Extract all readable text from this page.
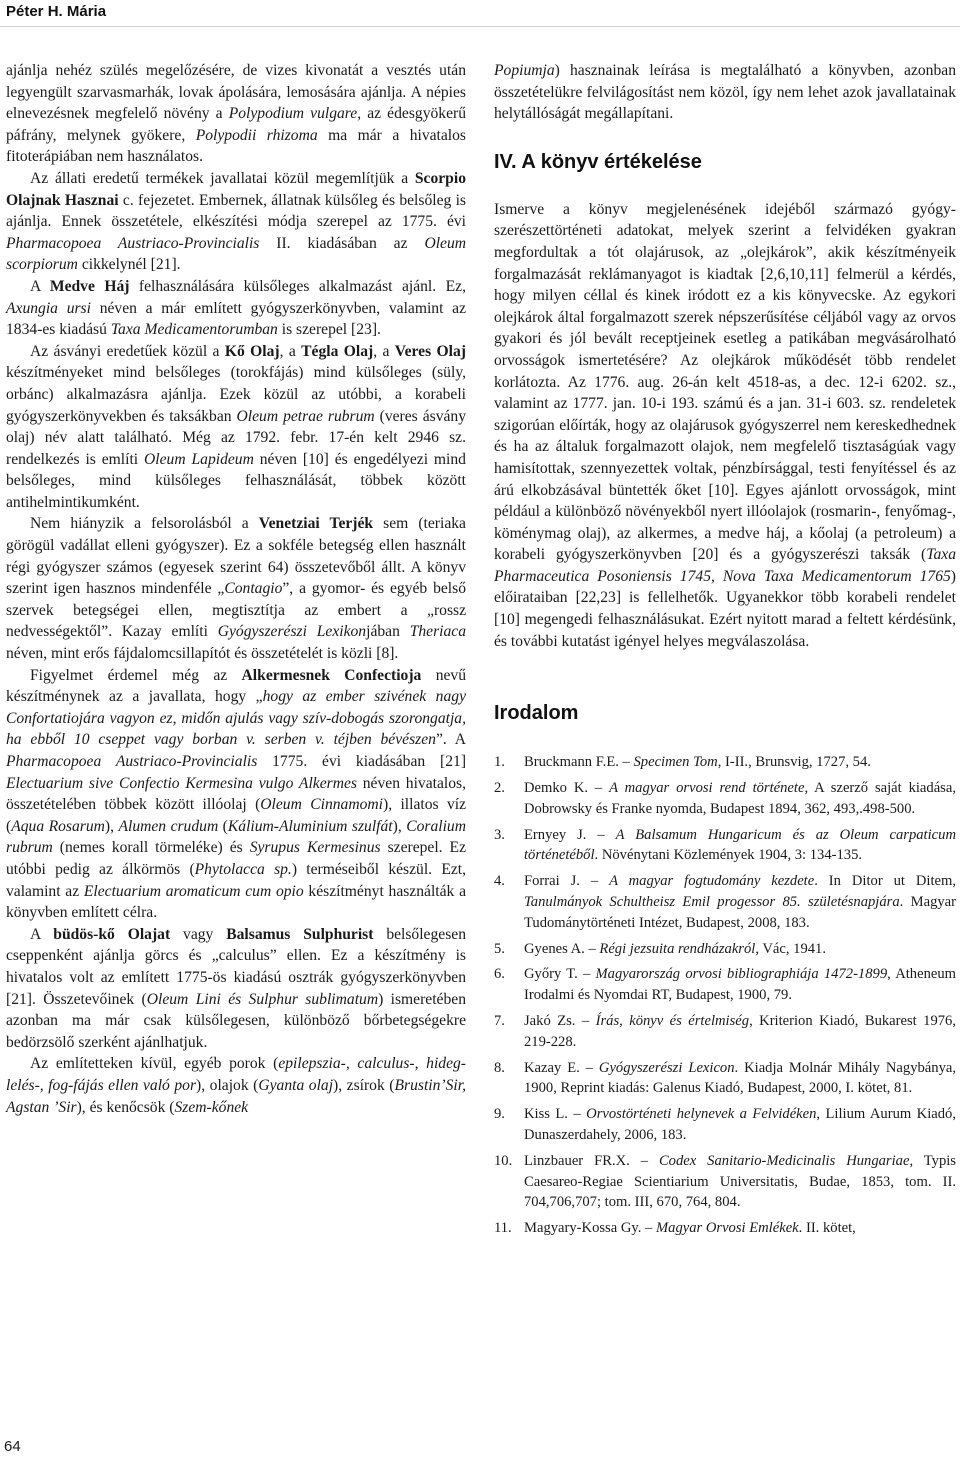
Péter H. Mária

ajánlja nehéz szülés megelőzésére, de vizes kivonatát a vesztés után legyengült szarvasmarhák, lovak ápolására, lemosására ajánlja. A népies elnevezésnek megfelelő növény a Polypodium vulgare, az édesgyökerű páfrány, melynek gyökere, Polypodii rhizoma ma már a hivatalos fitoterápiában nem használatos.

Az állati eredetű termékek javallatai közül megemlítjük a Scorpio Olajnak Hasznai c. fejezetet. Embernek, állatnak külsőleg és belsőleg is ajánlja. Ennek összetétele, elkészítési módja szerepel az 1775. évi Pharmacopoea Austriaco-Provincialis II. kiadásában az Oleum scorpiorum cikkelynél [21].

A Medve Háj felhasználására külsőleges alkalmazást ajánl. Ez, Axungia ursi néven a már említett gyógyszerkönyvben, valamint az 1834-es kiadású Taxa Medicamentorumban is szerepel [23].

Az ásványi eredetűek közül a Kő Olaj, a Tégla Olaj, a Veres Olaj készítményeket mind belsőleges (torokfájás) mind külsőleges (süly, orbánc) alkalmazásra ajánlja. Ezek közül az utóbbi, a korabeli gyógyszerkönyvekben és taksákban Oleum petrae rubrum (veres ásvány olaj) név alatt található. Még az 1792. febr. 17-én kelt 2946 sz. rendelkezés is említi Oleum Lapideum néven [10] és engedélyezi mind belsőleges, mind külsőleges felhasználását, többek között antihelmintikumként.

Nem hiányzik a felsorolásból a Venetziai Terjék sem (teriaka görögül vadállat elleni gyógyszer). Ez a sokféle betegség ellen használt régi gyógyszer számos (egyesek szerint 64) összetevőből állt. A könyv szerint igen hasznos mindenféle „Contagio”, a gyomor- és egyéb belső szervek betegségei ellen, megtisztítja az embert a „rossz nedvességektől”. Kazay említi Gyógyszerészi Lexikonjában Theriaca néven, mint erős fájdalomcsillapítót és összetételét is közli [8].

Figyelmet érdemel még az Alkermesnek Confectioja nevű készítménynek az a javallata, hogy „hogy az ember szivének nagy Confortatiojára vagyon ez, midőn ajulás vagy szív-dobogás szorongatja, ha ebből 10 cseppet vagy borban v. serben v. téjben bévészen”. A Pharmacopoea Austriaco-Provincialis 1775. évi kiadásában [21] Electuarium sive Confectio Kermesina vulgo Alkermes néven hivatalos, összetételében többek között illóolaj (Oleum Cinnamomi), illatos víz (Aqua Rosarum), Alumen crudum (Kálium-Aluminium szulfát), Coralium rubrum (nemes korall törmeléke) és Syrupus Kermesinus szerepel. Ez utóbbi pedig az álkörmös (Phytolacca sp.) terméseiből készül. Ezt, valamint az Electuarium aromaticum cum opio készítményt használták a könyvben említett célra.

A büdös-kő Olajat vagy Balsamus Sulphurist belsőlegesen cseppenként ajánlja görcs és „calculus” ellen. Ez a készítmény is hivatalos volt az említett 1775-ös kiadású osztrák gyógyszerkönyvben [21]. Összetevőinek (Oleum Lini és Sulphur sublimatum) ismeretében azonban ma már csak külsőlegesen, különböző bőrbetegségekre bedörzsölő szerként ajánlhatjuk.

Az említetteken kívül, egyéb porok (epilepszia-, calculus-, hideg-lelés-, fog-fájás ellen való por), olajok (Gyanta olaj), zsírok (Brustin’Sir, Agstan ’Sir), és kenőcsök (Szem-kőnek

Popiumja) hasznainak leírása is megtalálható a könyvben, azonban összetételükre felvilágosítást nem közöl, így nem lehet azok javallatainak helytállóságát megállapítani.

IV. A könyv értékelése

Ismerve a könyv megjelenésének idejéből származó gyógyszerészettörténeti adatokat, melyek szerint a felvidéken gyakran megfordultak a tót olajárusok, az „olejkárok”, akik készítményeik forgalmazását reklámanyagot is kiadtak [2,6,10,11] felmerül a kérdés, hogy milyen céllal és kinek iródott ez a kis könyvecske. Az egykori olejkárok által forgalmazott szerek népszerűsítése céljából vagy az orvos gyakori és jól bevált receptjeinek esetleg a patikában megvásárolható orvosságok ismertetésére? Az olejkárok működését több rendelet korlátozta. Az 1776. aug. 26-án kelt 4518-as, a dec. 12-i 6202. sz., valamint az 1777. jan. 10-i 193. számú és a jan. 31-i 603. sz. rendeletek szigorúan előírták, hogy az olajárusok gyógyszerrel nem kereskedhednek és ha az általuk forgalmazott olajok, nem megfelelő tisztaságúak vagy hamisítottak, szennyezettek voltak, pénzbírsággal, testi fenyítéssel és az árú elkobzásával büntették őket [10]. Egyes ajánlott orvosságok, mint például a különböző növényekből nyert illóolajok (rosmarin-, fenyőmag-, köménymag olaj), az alkermes, a medve háj, a kőolaj (a petroleum) a korabeli gyógyszerkönyvben [20] és a gyógyszerészi taksák (Taxa Pharmaceutica Posoniensis 1745, Nova Taxa Medicamentorum 1765) előirataiban [22,23] is fellelhetők. Ugyanekkor több korabeli rendelet [10] megengedi felhasználásukat. Ezért nyitott marad a feltett kérdésünk, és további kutatást igényel helyes megválaszolása.

Irodalom
1. Bruckmann F.E. – Specimen Tom, I-II., Brunsvig, 1727, 54.
2. Demko K. – A magyar orvosi rend története, A szerző saját kiadása, Dobrowsky és Franke nyomda, Budapest 1894, 362, 493,.498-500.
3. Ernyey J. – A Balsamum Hungaricum és az Oleum carpaticum történetéből. Növénytani Közlemények 1904, 3: 134-135.
4. Forrai J. – A magyar fogtudomány kezdete. In Ditor ut Ditem, Tanulmányok Schultheisz Emil progessor 85. születésnapjára. Magyar Tudománytörténeti Intézet, Budapest, 2008, 183.
5. Gyenes A. – Régi jezsuita rendházakról, Vác, 1941.
6. Győry T. – Magyarország orvosi bibliographiája 1472-1899, Atheneum Irodalmi és Nyomdai RT, Budapest, 1900, 79.
7. Jakó Zs. – Írás, könyv és értelmiség, Kriterion Kiadó, Bukarest 1976, 219-228.
8. Kazay E. – Gyógyszerészi Lexicon. Kiadja Molnár Mihály Nagybánya, 1900, Reprint kiadás: Galenus Kiadó, Budapest, 2000, I. kötet, 81.
9. Kiss L. – Orvostörténeti helynevek a Felvidéken, Lilium Aurum Kiadó, Dunaszerdahely, 2006, 183.
10. Linzbauer FR.X. – Codex Sanitario-Medicinalis Hungariae, Typis Caesareo-Regiae Scientiarium Universitatis, Budae, 1853, tom. II. 704,706,707; tom. III, 670, 764, 804.
11. Magyary-Kossa Gy. – Magyar Orvosi Emlékek. II. kötet,
64
